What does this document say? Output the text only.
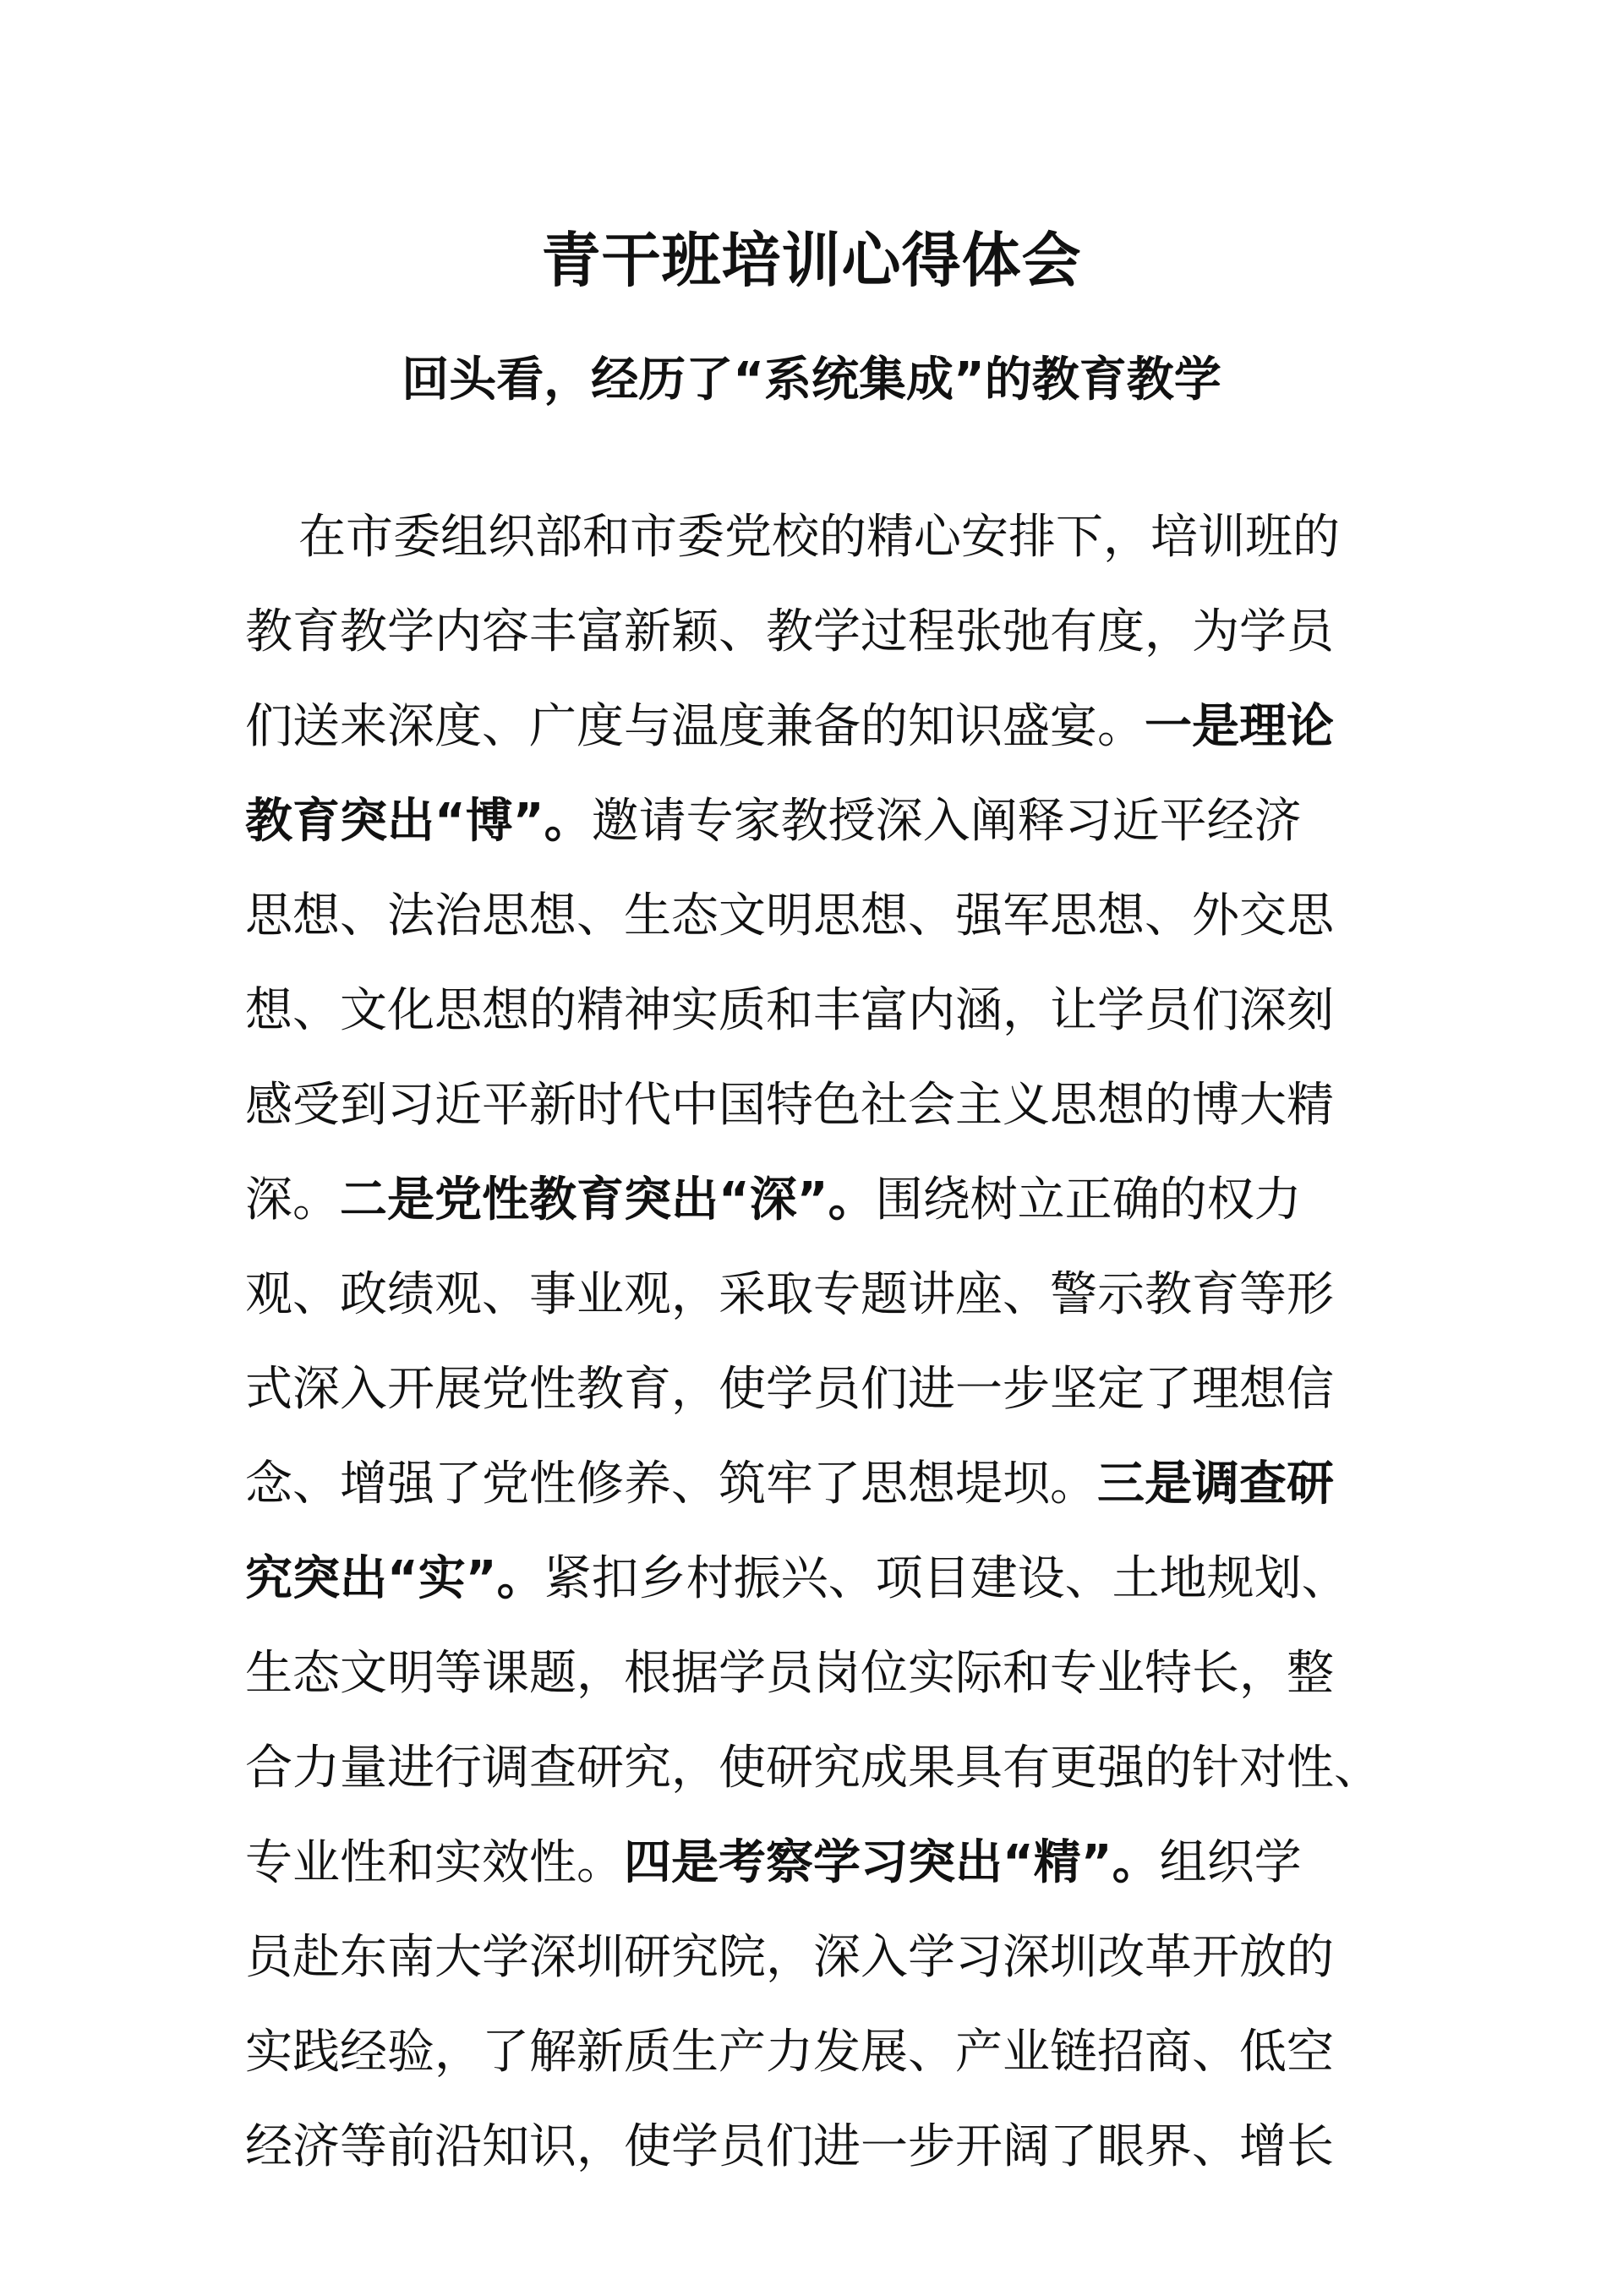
青干班培训心得体会
回头看，经历了“系统集成”的教育教学
在市委组织部和市委党校的精心安排下，培训班的
教育教学内容丰富新颖、教学过程张弛有度，为学员
们送来深度、广度与温度兼备的知识盛宴。一是理论
教育突出“博”。邀请专家教授深入阐释习近平经济
思想、法治思想、生态文明思想、强军思想、外交思
想、文化思想的精神实质和丰富内涵，让学员们深刻
感受到习近平新时代中国特色社会主义思想的博大精
深。二是党性教育突出“深”。围绕树立正确的权力
观、政绩观、事业观，采取专题讲座、警示教育等形
式深入开展党性教育，使学员们进一步坚定了理想信
念、增强了党性修养、筑牢了思想堤坝。三是调查研
究突出“实”。紧扣乡村振兴、项目建设、土地规划、
生态文明等课题，根据学员岗位实际和专业特长，整
合力量进行调查研究，使研究成果具有更强的针对性、
专业性和实效性。四是考察学习突出“精”。组织学
员赴东南大学深圳研究院，深入学习深圳改革开放的
实践经验，了解新质生产力发展、产业链招商、低空
经济等前沿知识，使学员们进一步开阔了眼界、增长
